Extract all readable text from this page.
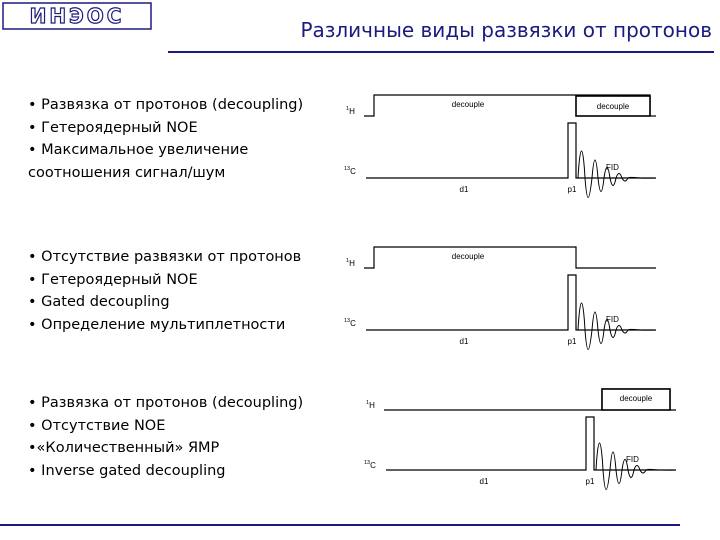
ИНЭОС
Различные виды развязки от протонов
• Развязка от протонов (decoupling)
• Гетероядерный NOE
• Максимальное увеличение
соотношения сигнал/шум
• Отсутствие развязки от протонов
• Гетероядерный NOE
• Gated decoupling
• Определение мультиплетности
• Развязка от протонов (decoupling)
• Отсутствие NOE
•«Количественный» ЯМР
• Inverse gated decoupling
$^1$H
decouple	decouple
$^{13}$C	FID
d1	p1
$^1$H
decouple
$^{13}$C	FID
d1	p1
$^1$H
decouple
$^{13}$C
FID
d1	p1
